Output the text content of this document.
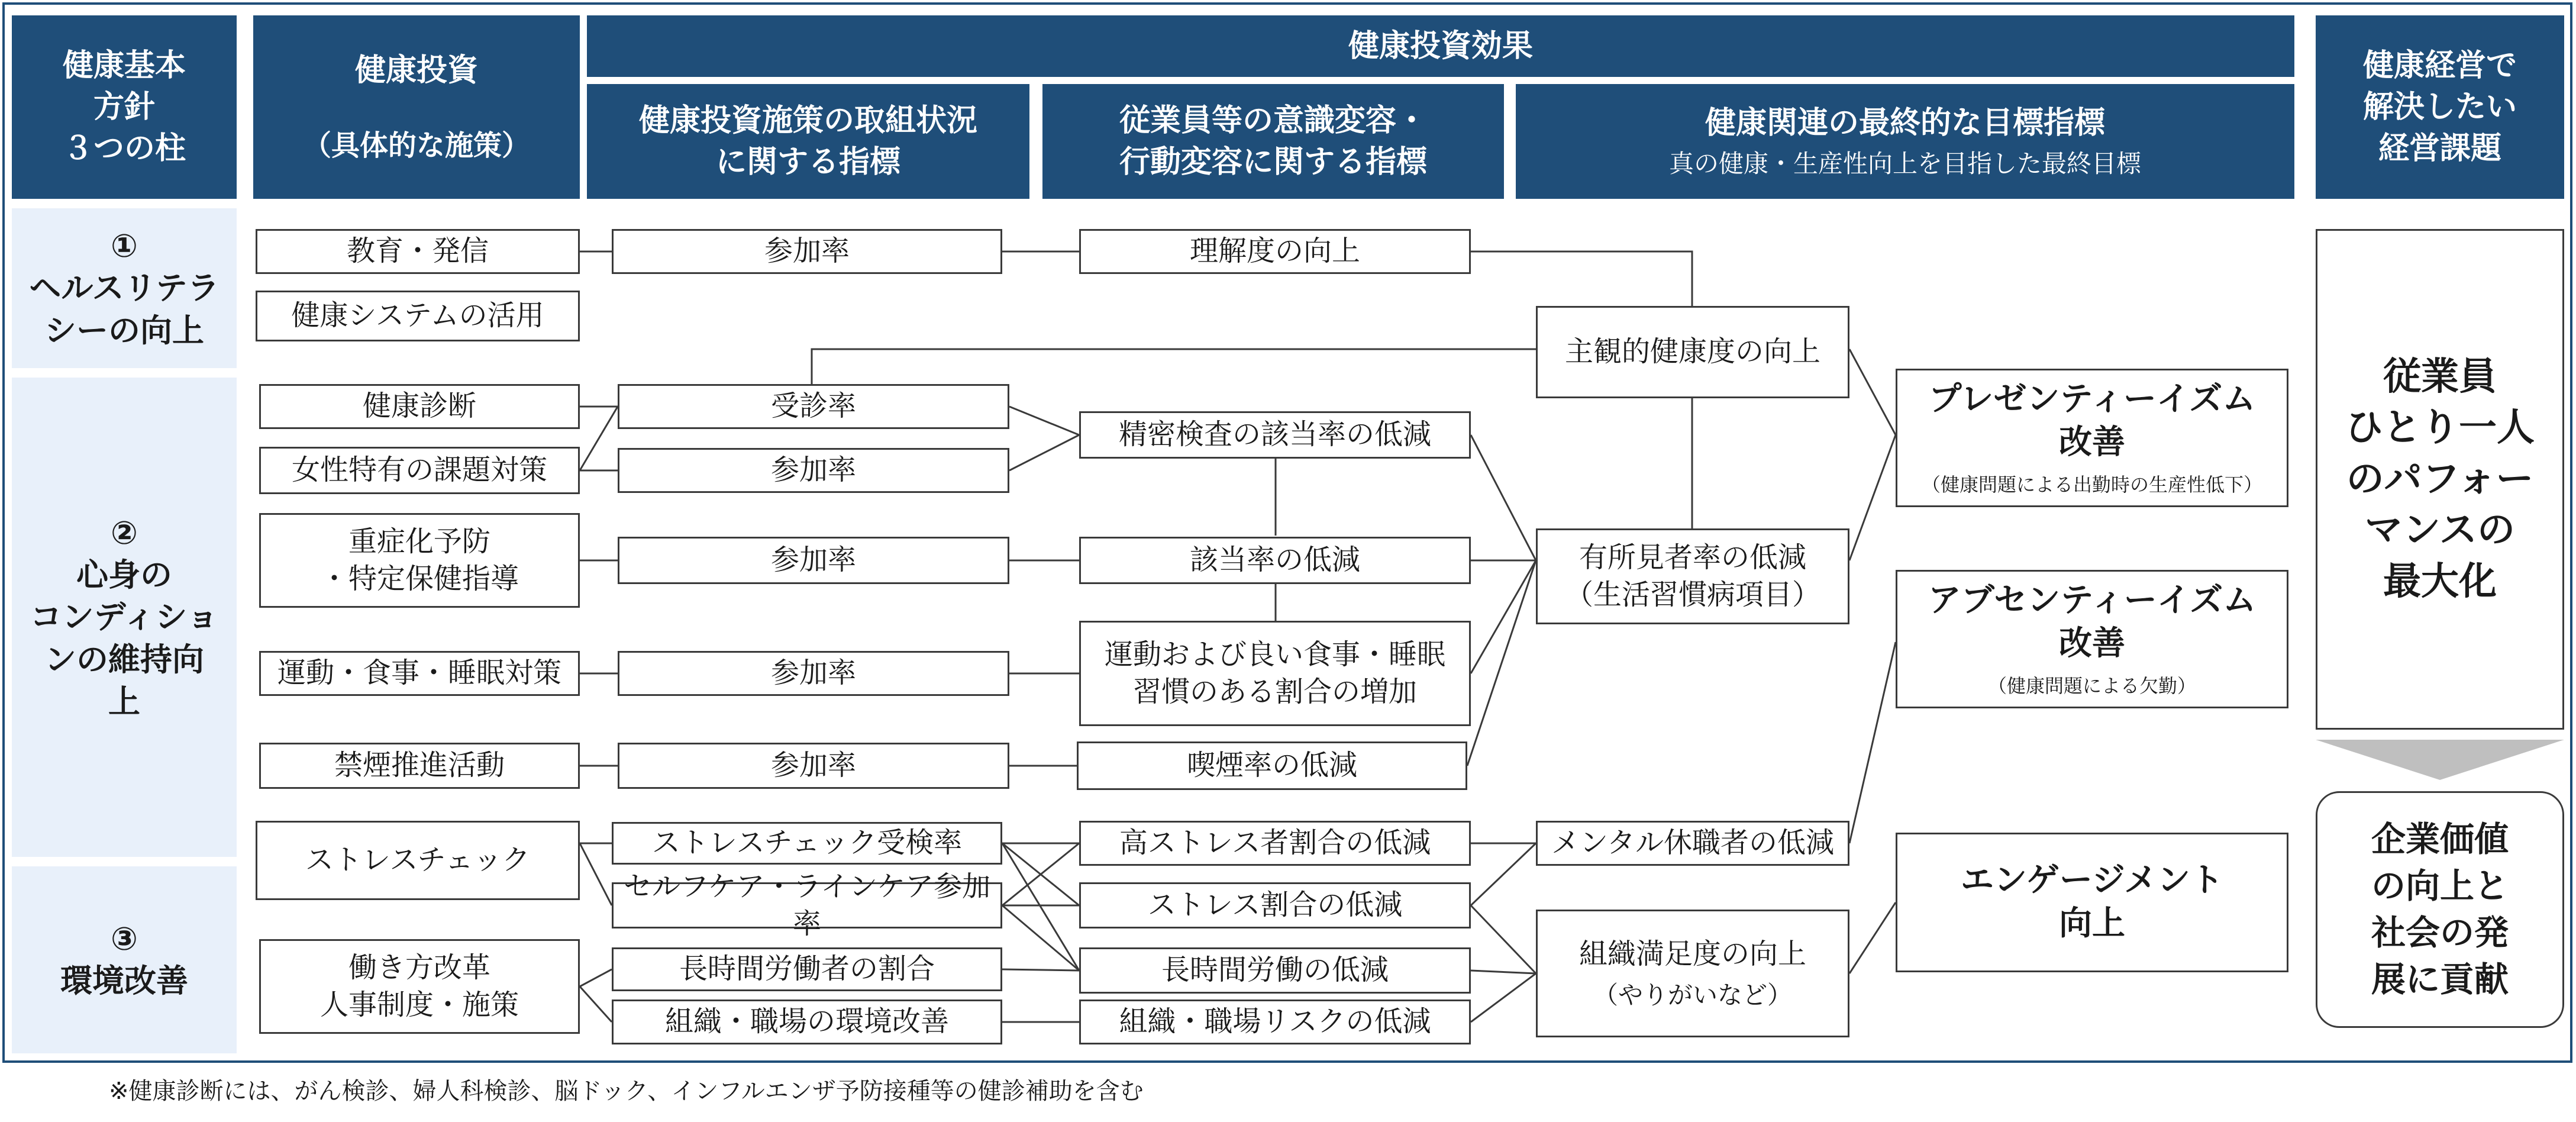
健康基本
方針
３つの柱
健康投資
（具体的な施策）
健康投資効果
健康投資施策の取組状況
に関する指標
従業員等の意識変容・
行動変容に関する指標
健康関連の最終的な目標指標
真の健康・生産性向上を目指した最終目標
健康経営で
解決したい
経営課題
①
ヘルスリテラ
シーの向上
②
心身の
コンディショ
ンの維持向
上
③
環境改善
教育・発信
健康システムの活用
健康診断
女性特有の課題対策
重症化予防
・特定保健指導
運動・食事・睡眠対策
禁煙推進活動
ストレスチェック
働き方改革
人事制度・施策
参加率
受診率
参加率
参加率
参加率
参加率
ストレスチェック受検率
セルフケア・ラインケア参加率
長時間労働者の割合
組織・職場の環境改善
理解度の向上
精密検査の該当率の低減
該当率の低減
運動および良い食事・睡眠
習慣のある割合の増加
喫煙率の低減
高ストレス者割合の低減
ストレス割合の低減
長時間労働の低減
組織・職場リスクの低減
主観的健康度の向上
有所見者率の低減
（生活習慣病項目）
メンタル休職者の低減
組織満足度の向上
（やりがいなど）
プレゼンティーイズム
改善
（健康問題による出勤時の生産性低下）
アブセンティーイズム
改善
（健康問題による欠勤）
エンゲージメント
向上
従業員
ひとり一人
のパフォー
マンスの
最大化
企業価値
の向上と
社会の発
展に貢献
※健康診断には、がん検診、婦人科検診、脳ドック、インフルエンザ予防接種等の健診補助を含む
